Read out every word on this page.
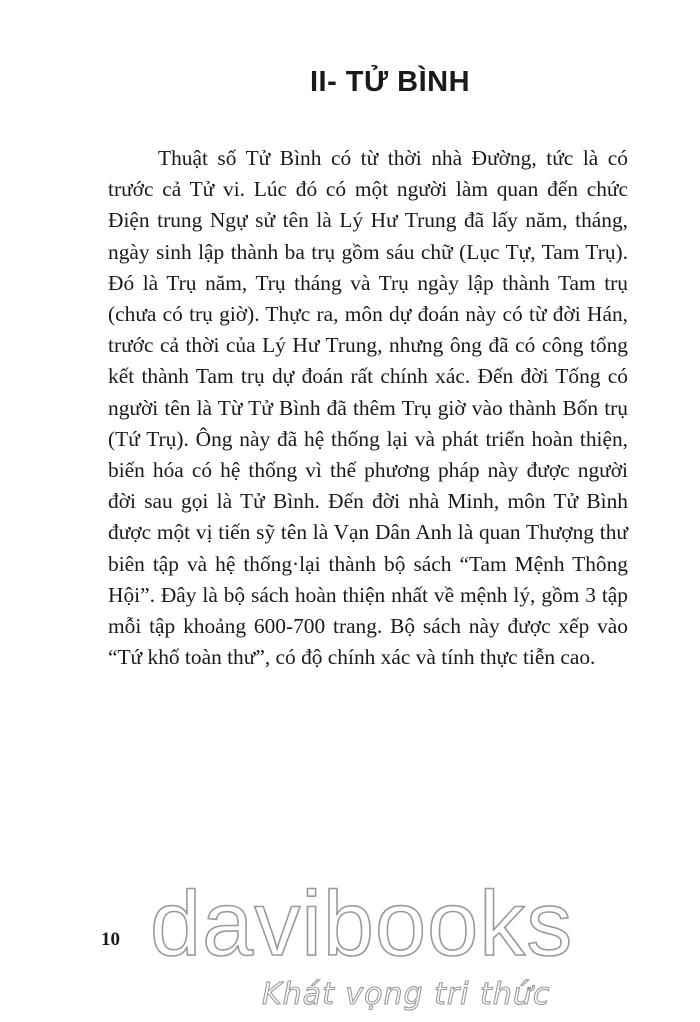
II- TỬ BÌNH

Thuật số Tử Bình có từ thời nhà Đường, tức là có trước cả Tử vi. Lúc đó có một người làm quan đến chức Điện trung Ngự sử tên là Lý Hư Trung đã lấy năm, tháng, ngày sinh lập thành ba trụ gồm sáu chữ (Lục Tự, Tam Trụ). Đó là Trụ năm, Trụ tháng và Trụ ngày lập thành Tam trụ (chưa có trụ giờ). Thực ra, môn dự đoán này có từ đời Hán, trước cả thời của Lý Hư Trung, nhưng ông đã có công tổng kết thành Tam trụ dự đoán rất chính xác. Đến đời Tống có người tên là Từ Tử Bình đã thêm Trụ giờ vào thành Bốn trụ (Tứ Trụ). Ông này đã hệ thống lại và phát triển hoàn thiện, biến hóa có hệ thống vì thế phương pháp này được người đời sau gọi là Tử Bình. Đến đời nhà Minh, môn Tử Bình được một vị tiến sỹ tên là Vạn Dân Anh là quan Thượng thư biên tập và hệ thống·lại thành bộ sách “Tam Mệnh Thông Hội”. Đây là bộ sách hoàn thiện nhất về mệnh lý, gồm 3 tập mỗi tập khoảng 600-700 trang. Bộ sách này được xếp vào “Tứ khố toàn thư”, có độ chính xác và tính thực tiễn cao.

10 davibooks
Khát vọng tri thức
